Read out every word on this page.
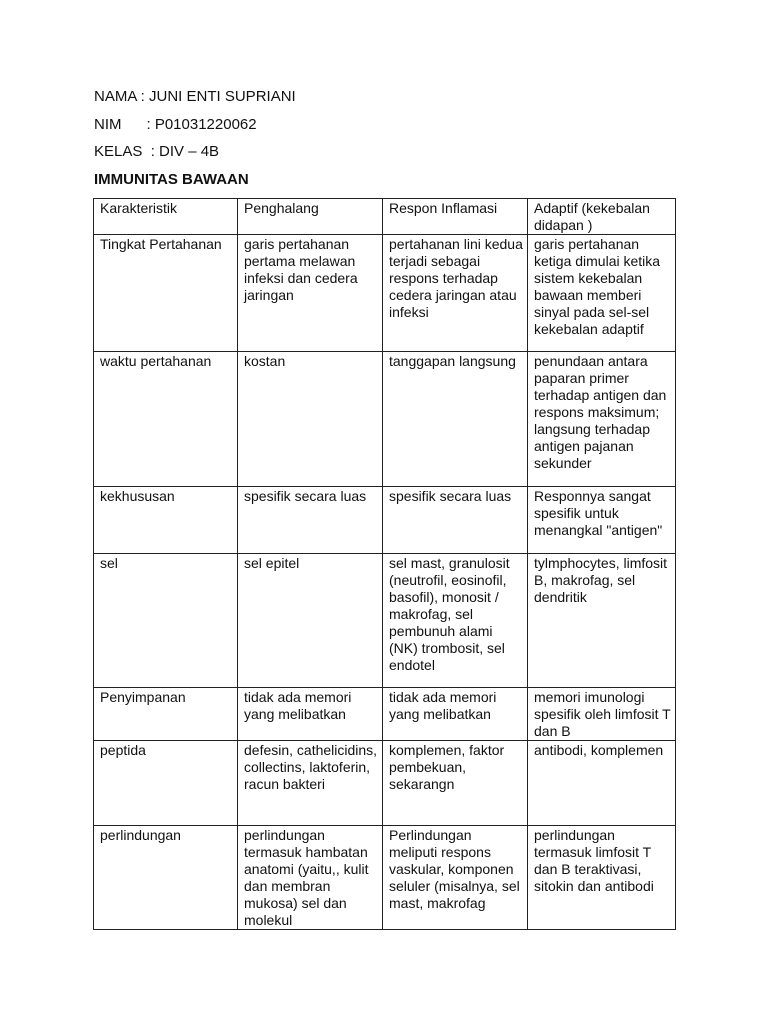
NAMA : JUNI ENTI SUPRIANI
NIM      : P01031220062
KELAS  : DIV – 4B
IMMUNITAS BAWAAN
Karakteristik	Penghalang	Respon Inflamasi	Adaptif (kekebalan didapan )
Tingkat Pertahanan	garis pertahanan pertama melawan infeksi dan cedera jaringan	pertahanan lini kedua terjadi sebagai respons terhadap cedera jaringan atau infeksi	garis pertahanan ketiga dimulai ketika sistem kekebalan bawaan memberi sinyal pada sel-sel kekebalan adaptif
waktu pertahanan	kostan	tanggapan langsung	penundaan antara paparan primer terhadap antigen dan respons maksimum; langsung terhadap antigen pajanan sekunder
kekhususan	spesifik secara luas	spesifik secara luas	Responnya sangat spesifik untuk menangkal "antigen"
sel	sel epitel	sel mast, granulosit (neutrofil, eosinofil, basofil), monosit / makrofag, sel pembunuh alami (NK) trombosit, sel endotel	tylmphocytes, limfosit B, makrofag, sel dendritik
Penyimpanan	tidak ada memori yang melibatkan	tidak ada memori yang melibatkan	memori imunologi spesifik oleh limfosit T dan B
peptida	defesin, cathelicidins, collectins, laktoferin, racun bakteri	komplemen, faktor pembekuan, sekarangn	antibodi, komplemen
perlindungan	perlindungan termasuk hambatan anatomi (yaitu,, kulit dan membran mukosa) sel dan molekul	Perlindungan meliputi respons vaskular, komponen seluler (misalnya, sel mast, makrofag	perlindungan termasuk limfosit T dan B teraktivasi, sitokin dan antibodi
